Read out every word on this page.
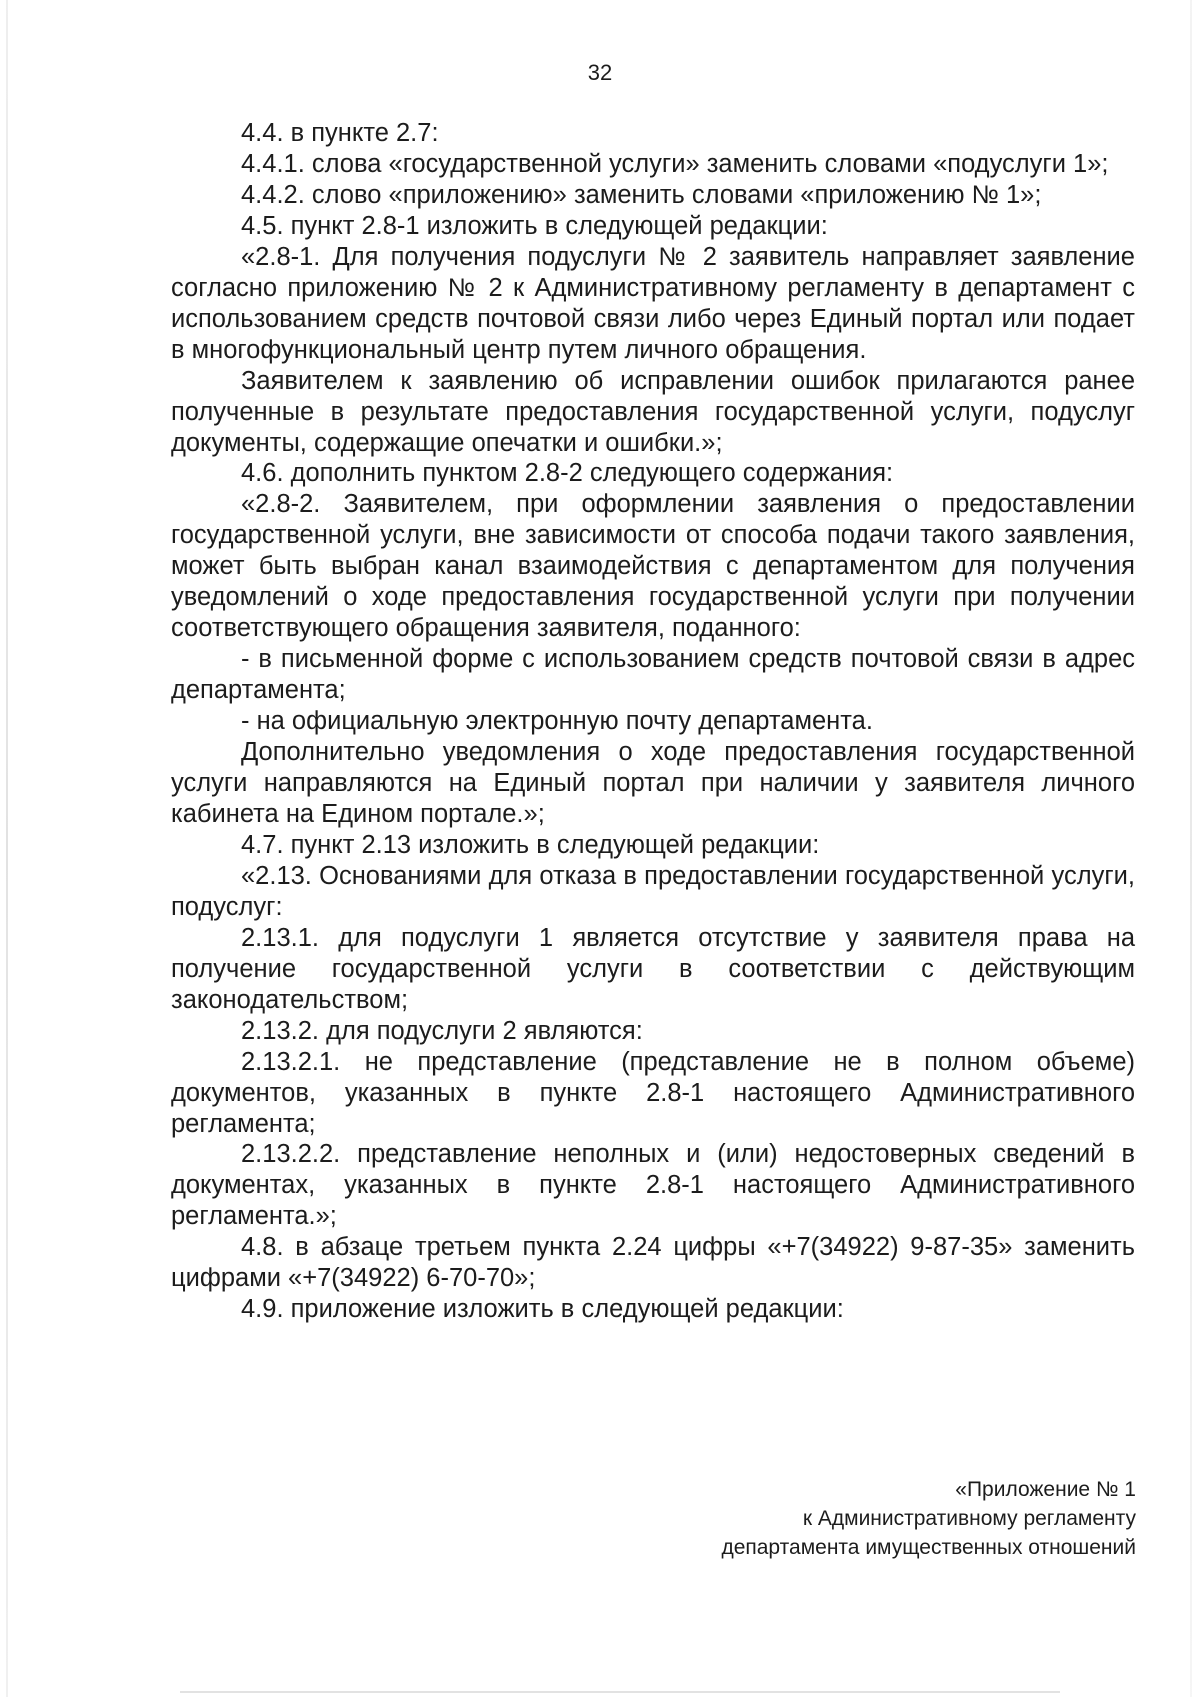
32

4.4. в пункте 2.7:

4.4.1. слова «государственной услуги» заменить словами «подуслуги 1»;

4.4.2. слово «приложению» заменить словами «приложению № 1»;

4.5. пункт 2.8-1 изложить в следующей редакции:

«2.8-1. Для получения подуслуги № 2 заявитель направляет заявление согласно приложению № 2 к Административному регламенту в департамент с использованием средств почтовой связи либо через Единый портал или подает в многофункциональный центр путем личного обращения.

Заявителем к заявлению об исправлении ошибок прилагаются ранее полученные в результате предоставления государственной услуги, подуслуг документы, содержащие опечатки и ошибки.»;

4.6. дополнить пунктом 2.8-2 следующего содержания:

«2.8-2. Заявителем, при оформлении заявления о предоставлении государственной услуги, вне зависимости от способа подачи такого заявления, может быть выбран канал взаимодействия с департаментом для получения уведомлений о ходе предоставления государственной услуги при получении соответствующего обращения заявителя, поданного:

- в письменной форме с использованием средств почтовой связи в адрес департамента;

- на официальную электронную почту департамента.

Дополнительно уведомления о ходе предоставления государственной услуги направляются на Единый портал при наличии у заявителя личного кабинета на Едином портале.»;

4.7. пункт 2.13 изложить в следующей редакции:

«2.13. Основаниями для отказа в предоставлении государственной услуги, подуслуг:

2.13.1. для подуслуги 1 является отсутствие у заявителя права на получение государственной услуги в соответствии с действующим законодательством;

2.13.2. для подуслуги 2 являются:

2.13.2.1. не представление (представление не в полном объеме) документов, указанных в пункте 2.8-1 настоящего Административного регламента;

2.13.2.2. представление неполных и (или) недостоверных сведений в документах, указанных в пункте 2.8-1 настоящего Административного регламента.»;

4.8. в абзаце третьем пункта 2.24 цифры «+7(34922) 9-87-35» заменить цифрами «+7(34922) 6-70-70»;

4.9. приложение изложить в следующей редакции:

«Приложение № 1
к Административному регламенту
департамента имущественных отношений
